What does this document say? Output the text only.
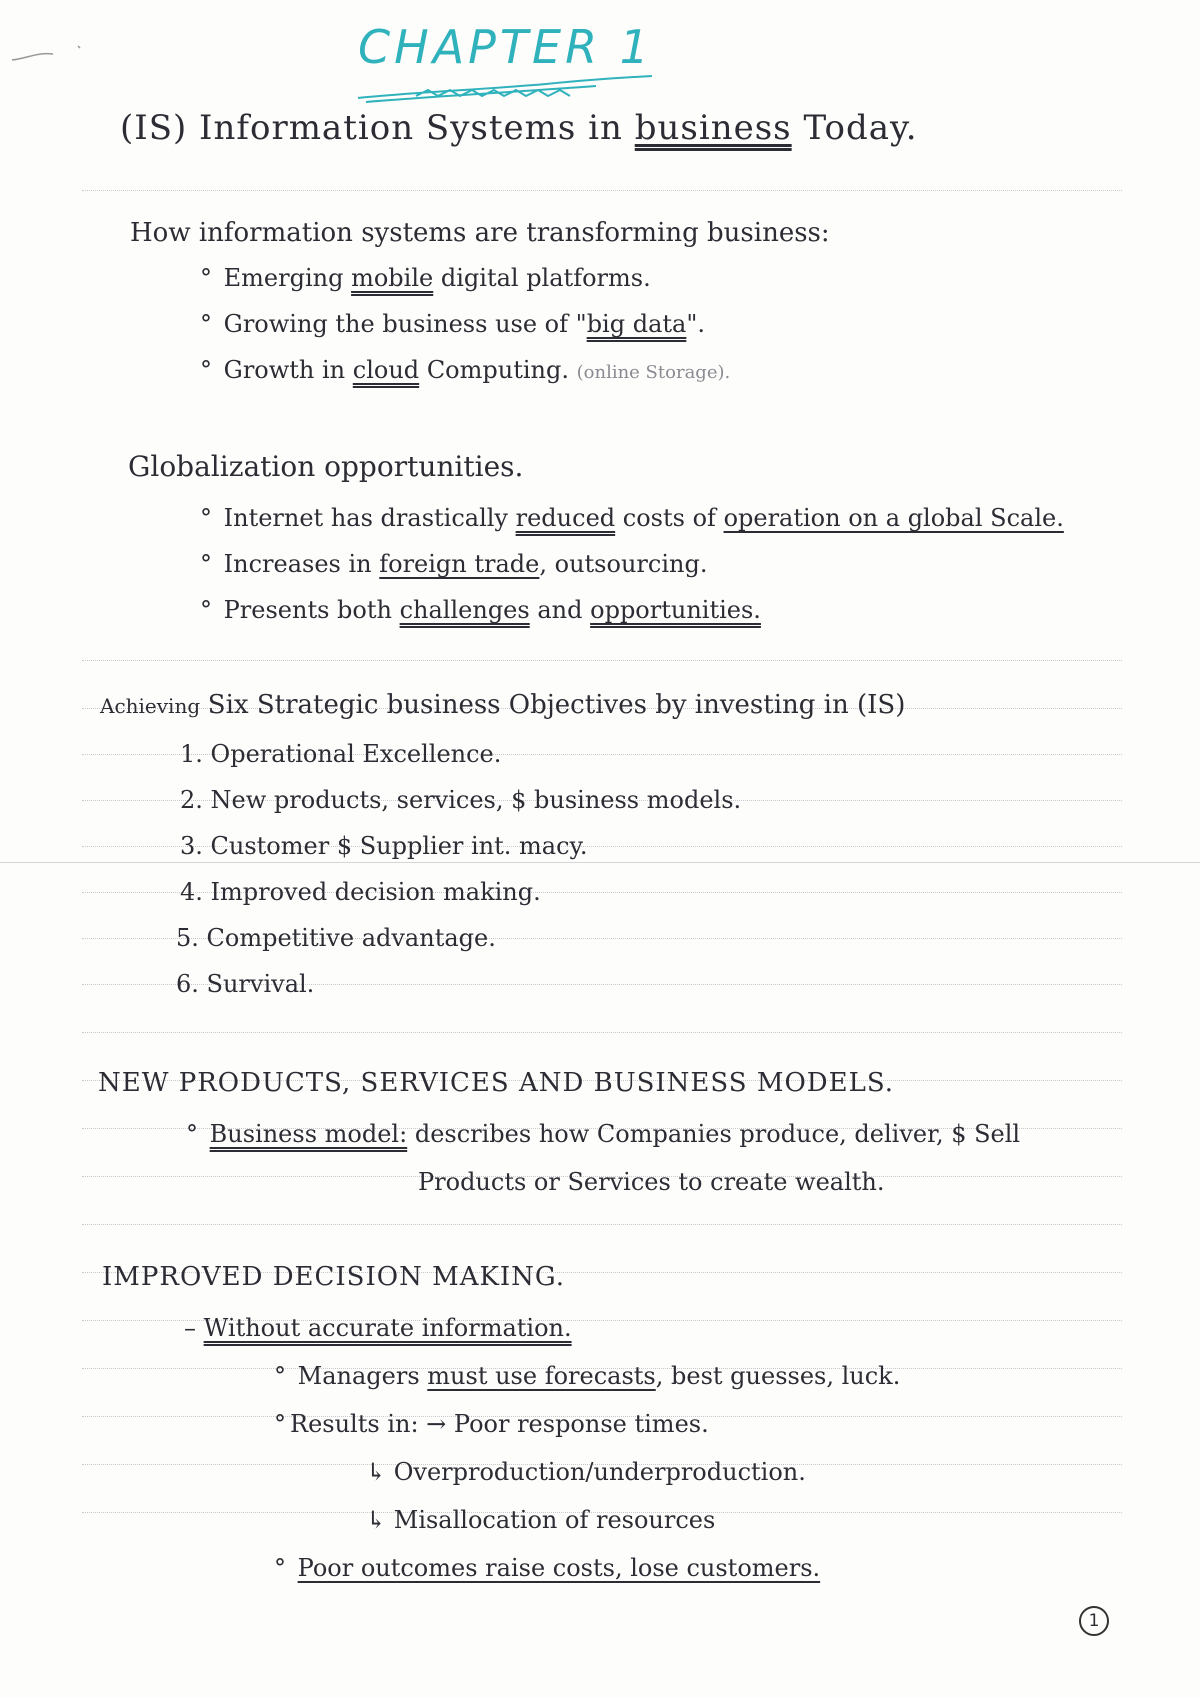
CHAPTER 1
(IS) Information Systems in business Today.
How information systems are transforming business:
° Emerging mobile digital platforms.
° Growing the business use of "big data".
° Growth in cloud Computing. (online Storage).
Globalization opportunities.
° Internet has drastically reduced costs of operation on a global Scale.
° Increases in foreign trade, outsourcing.
° Presents both challenges and opportunities.
Achieving Six Strategic business Objectives by investing in (IS)
1. Operational Excellence.
2. New products, services, $ business models.
3. Customer $ Supplier int. macy.
4. Improved decision making.
5. Competitive advantage.
6. Survival.
NEW PRODUCTS, SERVICES AND BUSINESS MODELS.
° Business model: describes how Companies produce, deliver, $ Sell
Products or Services to create wealth.
IMPROVED DECISION MAKING.
– Without accurate information.
° Managers must use forecasts, best guesses, luck.
° Results in: → Poor response times.
↳ Overproduction/underproduction.
↳ Misallocation of resources
° Poor outcomes raise costs, lose customers.
1
